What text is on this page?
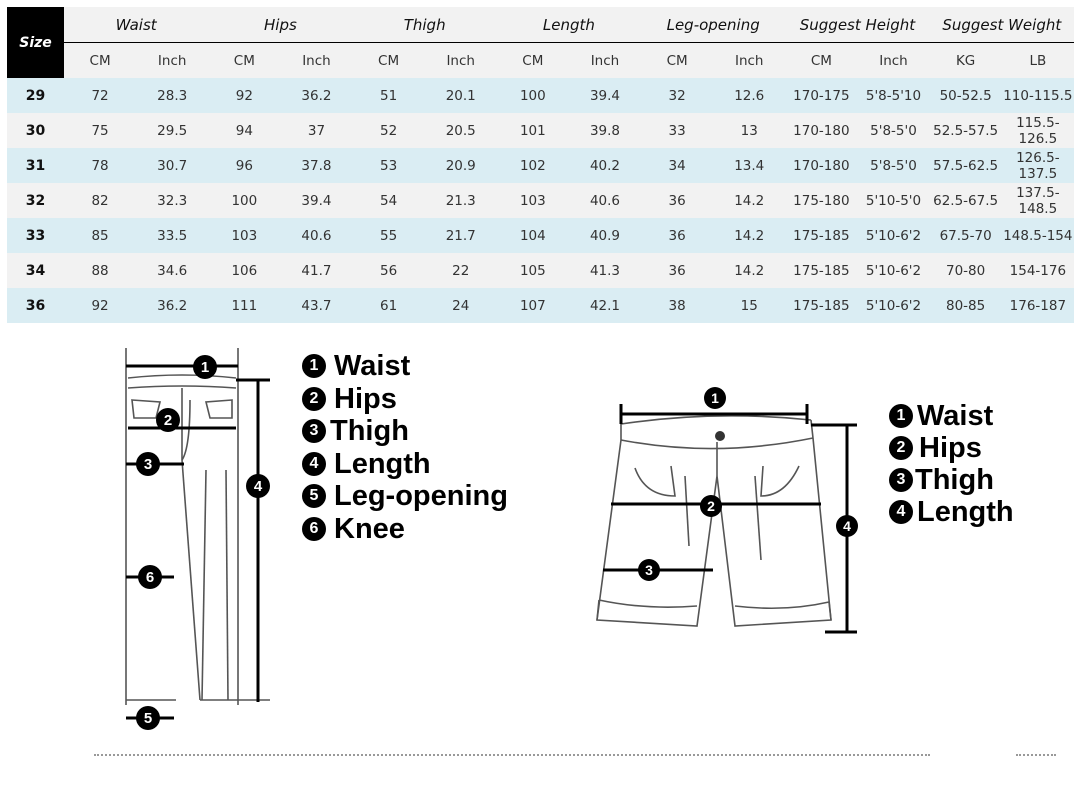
Size	Waist		Hips		Thigh		Length		Leg-opening		Suggest Height		Suggest Weight	
	CM	Inch	CM	Inch	CM	Inch	CM	Inch	CM	Inch	CM	Inch	KG	LB
29	72	28.3	92	36.2	51	20.1	100	39.4	32	12.6	170-175	5'8-5'10	50-52.5	110-115.5
30	75	29.5	94	37	52	20.5	101	39.8	33	13	170-180	5'8-5'0	52.5-57.5	115.5-126.5
31	78	30.7	96	37.8	53	20.9	102	40.2	34	13.4	170-180	5'8-5'0	57.5-62.5	126.5-137.5
32	82	32.3	100	39.4	54	21.3	103	40.6	36	14.2	175-180	5'10-5'0	62.5-67.5	137.5-148.5
33	85	33.5	103	40.6	55	21.7	104	40.9	36	14.2	175-185	5'10-6'2	67.5-70	148.5-154
34	88	34.6	106	41.7	56	22	105	41.3	36	14.2	175-185	5'10-6'2	70-80	154-176
36	92	36.2	111	43.7	61	24	107	42.1	38	15	175-185	5'10-6'2	80-85	176-187
1
2
3
4
5
6
1 Waist
2 Hips
3 Thigh
4 Length
5 Leg-opening
6 Knee
1
2
3
4
1 Waist
2 Hips
3 Thigh
4 Length
